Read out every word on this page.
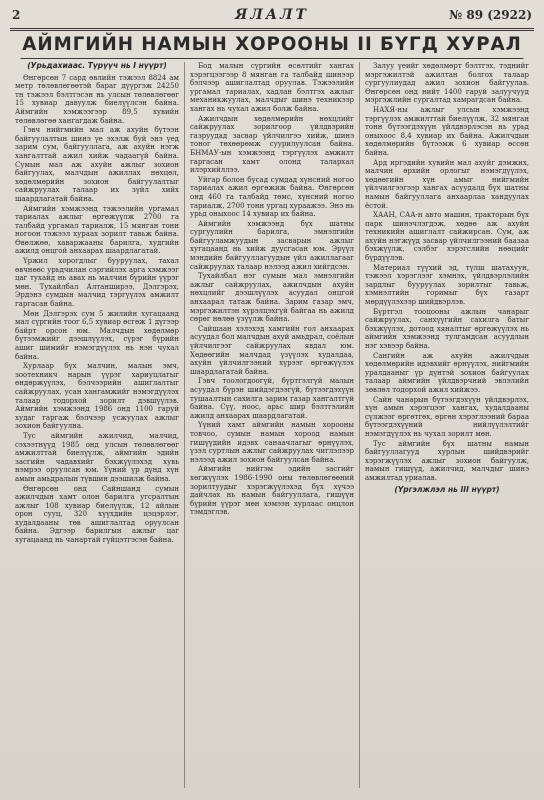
2	ЯЛАЛТ	№ 89 (2922)
АЙМГИЙН НАМЫН ХОРООНЫ II БҮГД ХУРАЛ
(Урьдахиаас. Түрүүч нь I нүүрт)

Өнгөрсөн 7 сард өвлийн тэжээл 8824 ам метр төлөвлөгөөтэй бараг дүүргэж 24250 тн тэжээл бэлтгэсэн нь улсын төлөвлөгөөг 15 хувиар давуулж биелүүлсэн байна. Аймгийн хэмжээгээр 89,5 хувийн төлөвлөгөө хангагдаж байна.

Гэвч нийгмийн мал аж ахуйн бүтээн байгуулалтын шинэ үе эхэлж буй энэ үед зарим сум, байгууллага, аж ахуйн нэгж хангалттай ажил хийж чадаагүй байна. Сумын мал аж ахуйн ажлыг зохион байгуулах, малчдын ажиллах нөхцөл, хөдөлмөрийн зохион байгуулалтыг сайжруулах талаар их зүйл хийх шаардлагатай байна.

Аймгийн хэмжээнд тэжээлийн ургамал тариалах ажлыг өргөжүүлж 2700 га талбайд ургамал тариалж, 15 мянган тонн ногоон тэжээл хураах зорилт тавьж байна. Өвөлжөө, хаваржааны барилга, худгийн ажилд онцгой анхаарах шаардлагатай.

Үржил хорогдлыг бууруулах, тахал өвчнөөс урьдчилан сэргийлэх арга хэмжээг цаг тухайд нь авах нь малчин бүрийн үүрэг мөн. Тухайлбал Алтанширээ, Дэлгэрэх, Эрдэнэ сумдын малчид тэргүүлэх амжилт гаргасан байна.

Мөн Дэлгэрэх сум 5 жилийн хугацаанд мал сүргийн тоог 6,5 хувиар өсгөж 1 дүгээр байрт орсон юм. Малчдын хөдөлмөр бүтээмжийг дээшлүүлэх, сүрэг бүрийн ашиг шимийг нэмэгдүүлэх нь нэн чухал байна.

Хурлаар бүх малчин, малын эмч, зоотехникч нарын үүрэг хариуцлагыг өндөржүүлэх, бэлчээрийн ашиглалтыг сайжруулах, усан хангамжийг нэмэгдүүлэх талаар тодорхой зорилт дэвшүүлэв. Аймгийн хэмжээнд 1986 онд 1100 гаруй худаг гаргаж бэлчээр усжуулах ажлыг зохион байгуулна.

Тус аймгийн ажилчид, малчид, сэхээтнүүд 1985 онд улсын төлөвлөгөөг амжилттай биелүүлж, аймгийн эдийн засгийн чадавхийг бэхжүүлэхэд хувь нэмрээ оруулсан юм. Үүний үр дүнд хүн амын амьдралын түвшин дээшилж байна.

Өнгөрсөн онд Сайншанд сумын ажилчдын хамт олон барилга угсралтын ажлыг 108 хувиар биелүүлж, 12 айлын орон сууц, 320 хүүхдийн цэцэрлэг, худалдааны төв ашиглалтад оруулсан байна. Эдгээр барилгын ажлыг цаг хугацаанд нь чанартай гүйцэтгэсэн байна.

Бод малын сүргийн өсөлтийг хангах хэрэгцээгээр 8 мянган га талбайд шинээр бэлчээр ашиглалтад оруулав. Тэжээлийн ургамал тариалах, хадлан бэлтгэх ажлыг механикжуулах, малчдыг шинэ техникээр хангах нь чухал ажил болж байна.

Ажилчдын хөдөлмөрийн нөхцлийг сайжруулах зорилгоор үйлдвэрийн газруудад засвар үйлчилгээ хийж, шинэ тоног төхөөрөмж суурилуулсан байна. БНМАУ-ын хэмжээнд тэргүүлэх амжилт гаргасан хамт олонд талархал илэрхийллээ.

Уйгар болон бусад сумдад хүнсний ногоо тариалах ажил өргөжиж байна. Өнгөрсөн онд 460 га талбайд төмс, хүнсний ногоо тариалж, 2700 тонн ургац хураажээ. Энэ нь урьд оныхоос 14 хувиар их байна.

Аймгийн хэмжээнд бүх шатны сургуулийн барилга, эмнэлгийн байгууламжуудын засварын ажлыг хугацаанд нь хийж дуусгасан юм. Эрүүл мэндийн байгууллагуудын үйл ажиллагааг сайжруулах талаар нэлээд ажил хийгдсэн.

Тухайлбал нэг сумын мал эмнэлгийн ажлыг сайжруулах, ажилчдын ахуйн нөхцлийг дээшлүүлэх асуудал онцгой анхаарал татаж байна. Зарим газар эмч, мэргэжилтэн хүрэлцэхгүй байгаа нь ажилд сөрөг нөлөө үзүүлж байна.

Сайшаан хэлэхэд хамгийн гол анхаарах асуудал бол малчдын ахуй амьдрал, соёлын үйлчилгээг сайжруулах явдал юм. Хөдөөгийн малчдад үзүүлэх худалдаа, ахуйн үйлчилгээний хүрээг өргөжүүлэх шаардлагатай байна.

Гэвч тоологдоогүй, бүртгэлгүй малын асуудал бүрэн шийдэгдээгүй, бүтээгдэхүүн тушаалтын сахилга зарим газар хангалтгүй байна. Сүү, ноос, арьс шир бэлтгэлийн ажилд анхаарах шаардлагатай.

Үүний хамт аймгийн намын хорооны товчоо, сумын намын хороод намын гишүүдийн идэвх санаачлагыг өрнүүлэх, үзэл суртлын ажлыг сайжруулах чиглэлээр нэлээд ажил зохион байгуулсан байна.

Аймгийн нийгэм эдийн засгийг хөгжүүлэх 1986-1990 оны төлөвлөгөөний зорилтуудыг хэрэгжүүлэхэд бүх хүчээ дайчлах нь намын байгууллага, гишүүн бүрийн үүрэг мөн хэмээн хурлаас онцлон тэмдэглэв.

Залуу үеийг хөдөлмөрт бэлтгэх, тэднийг мэргэжилтэй ажилтан болгох талаар сургуулиудад ажил зохион байгуулав. Өнгөрсөн онд нийт 1400 гаруй залуучууд мэргэжлийн сургалтад хамрагдсан байна.

НАХЯ-ны ажлыг улсын хэмжээнд тэргүүлэх амжилттай биелүүлж, 32 мянган тонн бүтээгдэхүүн үйлдвэрлэсэн нь урьд оныхоос 8,4 хувиар их байна. Ажилчдын хөдөлмөрийн бүтээмж 6 хувиар өссөн байна.

Ард иргэдийн хувийн мал ахуйг дэмжих, малчин өрхийн орлогыг нэмэгдүүлэх, хөдөөгийн хүн амыг нийгмийн үйлчилгээгээр хангах асуудалд бүх шатны намын байгууллага анхаарлаа хандуулах ёстой.

ХААН, САА-н авто машин, тракторын бүх парк шинэчлэгдэж, хөдөө аж ахуйн техникийн ашиглалт сайжирсан. Сум, аж ахуйн нэгжүүд засвар үйлчилгээний баазаа бэхжүүлж, сэлбэг хэрэгслийн нөөцийг бүрдүүлэв.

Материал түүхий эд, түлш шатахуун, тэжээл хэрэглээг хэмнэх, үйлдвэрлэлийн зардлыг бууруулах зорилтыг тавьж, хэмнэлтийн горимыг бүх газарт мөрдүүлэхээр шийдвэрлэв.

Бүртгэл тооцооны ажлын чанарыг сайжруулах, санхүүгийн сахилга батыг бэхжүүлэх, дотоод хяналтыг өргөжүүлэх нь аймгийн хэмжээнд тулгамдсан асуудлын нэг хэвээр байна.

Сангийн аж ахуйн ажилчдын хөдөлмөрийн идэвхийг өрнүүлэх, нийгмийн уралдааныг үр дүнтэй зохион байгуулах талаар аймгийн үйлдвэрчний эвлэлийн зөвлөл тодорхой ажил хийжээ.

Сайн чанарын бүтээгдэхүүн үйлдвэрлэх, хүн амын хэрэгцээг хангах, худалдааны сүлжээг өргөтгөх, өргөн хэрэглээний бараа бүтээгдэхүүний нийлүүлэлтийг нэмэгдүүлэх нь чухал зорилт мөн.

Тус аймгийн бүх шатны намын байгууллагууд хурлын шийдвэрийг хэрэгжүүлэх ажлыг зохион байгуулж, намын гишүүд, ажилчид, малчдыг шинэ амжилтад уриалав.

(Үргэлжлэл нь III нүүрт)
